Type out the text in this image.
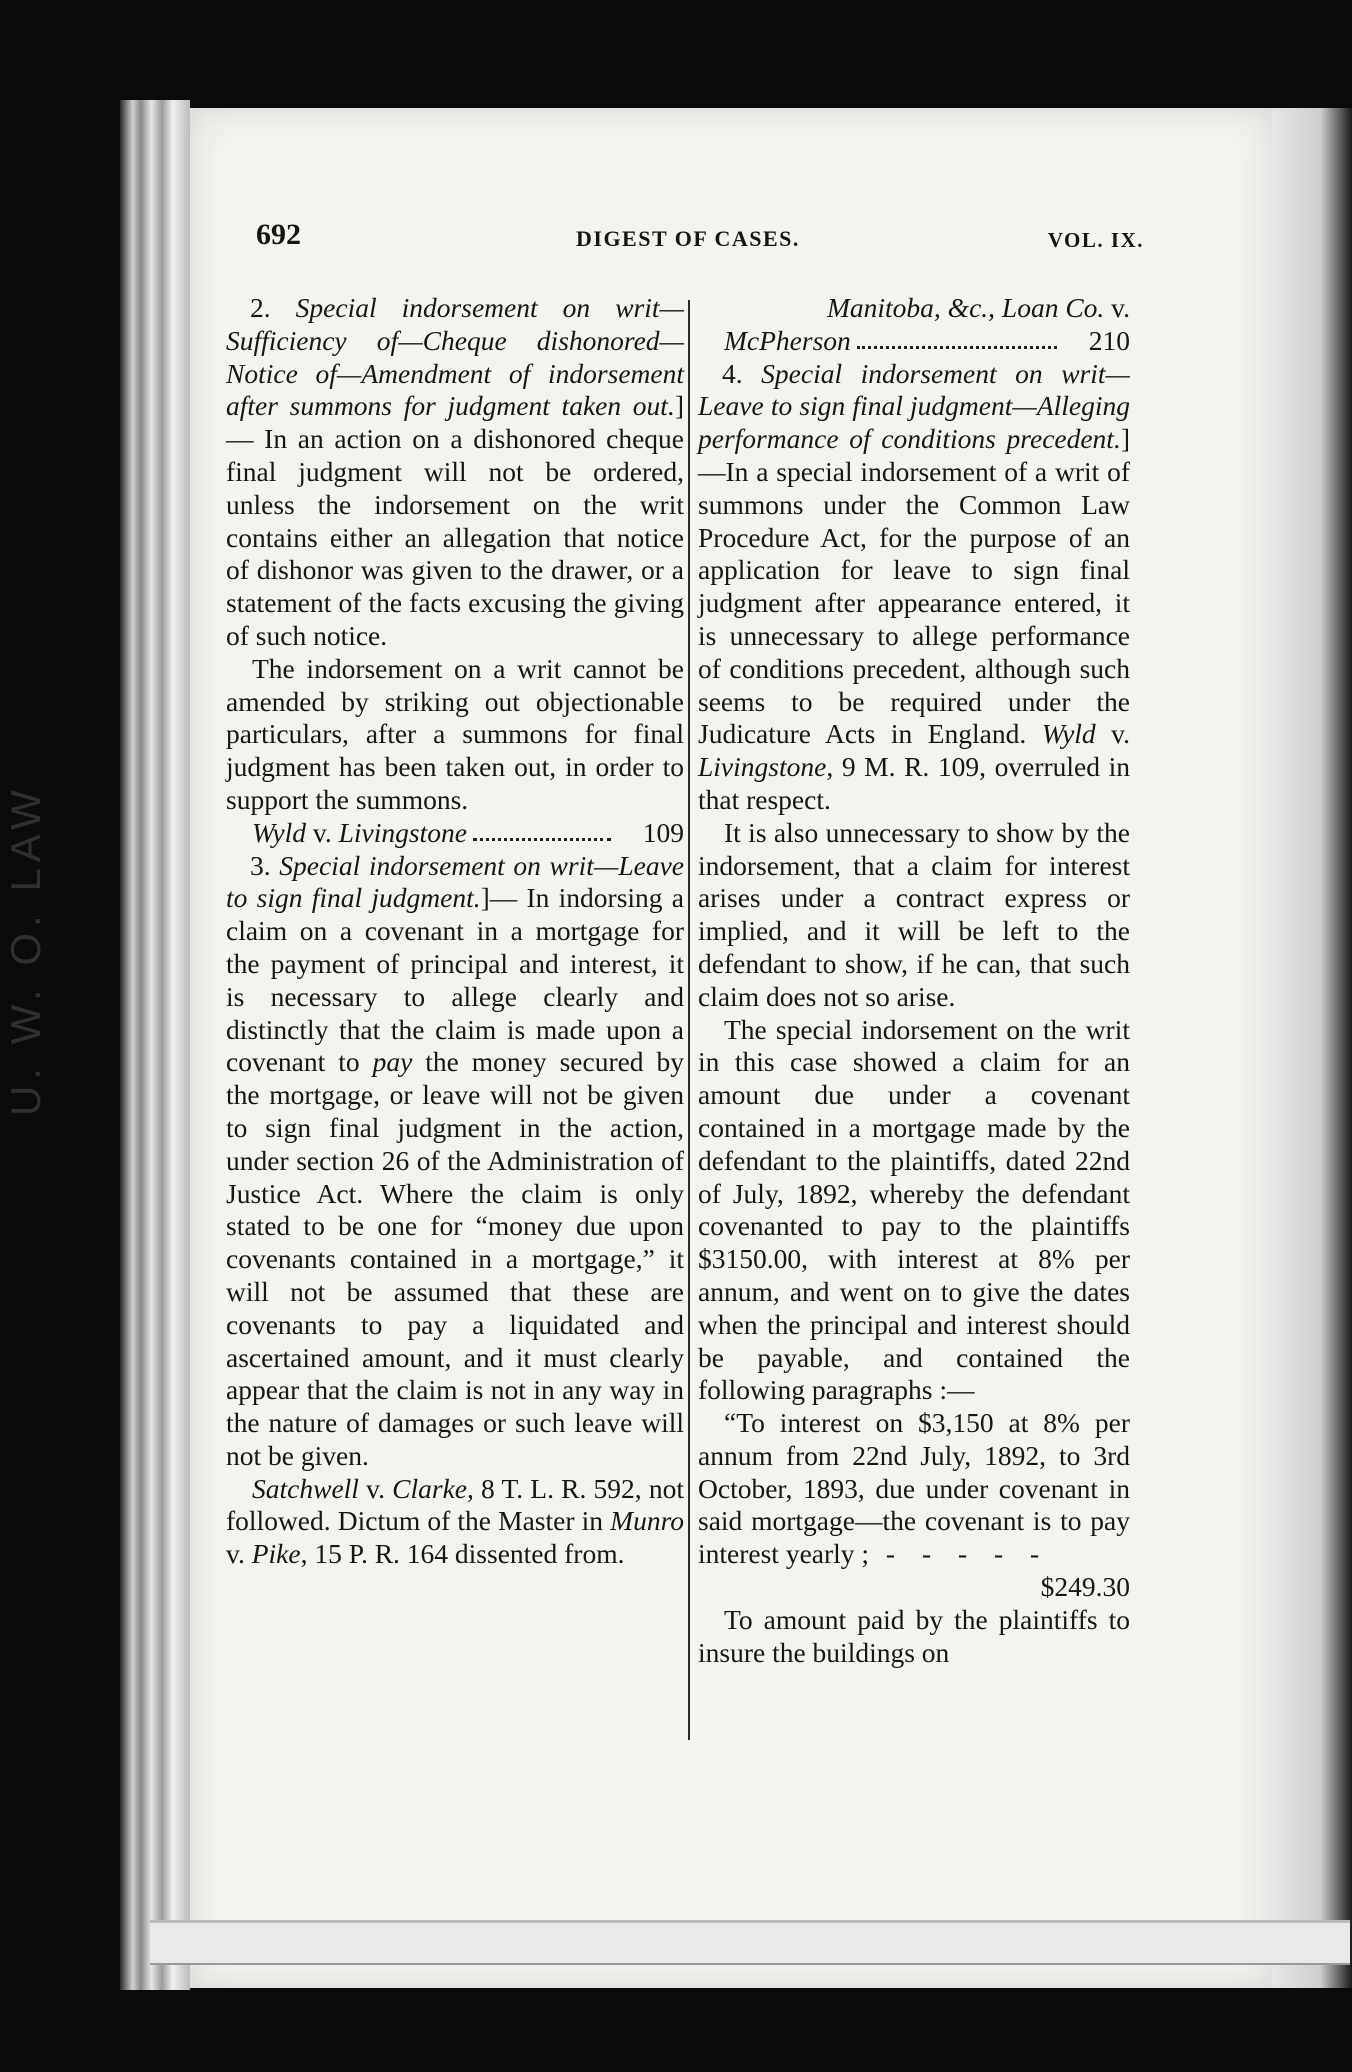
U. W. O. LAW
692	DIGEST OF CASES.	VOL. IX.

2. Special indorsement on writ—Sufficiency of—Cheque dishonored—Notice of—Amendment of indorsement after summons for judgment taken out.] — In an action on a dishonored cheque final judgment will not be ordered, unless the indorsement on the writ contains either an allegation that notice of dishonor was given to the drawer, or a statement of the facts excusing the giving of such notice.

The indorsement on a writ cannot be amended by striking out objectionable particulars, after a summons for final judgment has been taken out, in order to support the summons.

Wyld v. Livingstone	109

3. Special indorsement on writ—Leave to sign final judgment.]— In indorsing a claim on a covenant in a mortgage for the payment of principal and interest, it is necessary to allege clearly and distinctly that the claim is made upon a covenant to pay the money secured by the mortgage, or leave will not be given to sign final judgment in the action, under section 26 of the Administration of Justice Act. Where the claim is only stated to be one for “money due upon covenants contained in a mortgage,” it will not be assumed that these are covenants to pay a liquidated and ascertained amount, and it must clearly appear that the claim is not in any way in the nature of damages or such leave will not be given.

Satchwell v. Clarke, 8 T. L. R. 592, not followed. Dictum of the Master in Munro v. Pike, 15 P. R. 164 dissented from.

Manitoba, &c., Loan Co. v.
McPherson	210

4. Special indorsement on writ—Leave to sign final judgment—Alleging performance of conditions precedent.]—In a special indorsement of a writ of summons under the Common Law Procedure Act, for the purpose of an application for leave to sign final judgment after appearance entered, it is unnecessary to allege performance of conditions precedent, although such seems to be required under the Judicature Acts in England. Wyld v. Livingstone, 9 M. R. 109, overruled in that respect.

It is also unnecessary to show by the indorsement, that a claim for interest arises under a contract express or implied, and it will be left to the defendant to show, if he can, that such claim does not so arise.

The special indorsement on the writ in this case showed a claim for an amount due under a covenant contained in a mortgage made by the defendant to the plaintiffs, dated 22nd of July, 1892, whereby the defendant covenanted to pay to the plaintiffs $3150.00, with interest at 8% per annum, and went on to give the dates when the principal and interest should be payable, and contained the following paragraphs :—

“To interest on $3,150 at 8% per annum from 22nd July, 1892, to 3rd October, 1893, due under covenant in said mortgage—the covenant is to pay interest yearly ; - - - - -
$249.30

To amount paid by the plaintiffs to insure the buildings on
